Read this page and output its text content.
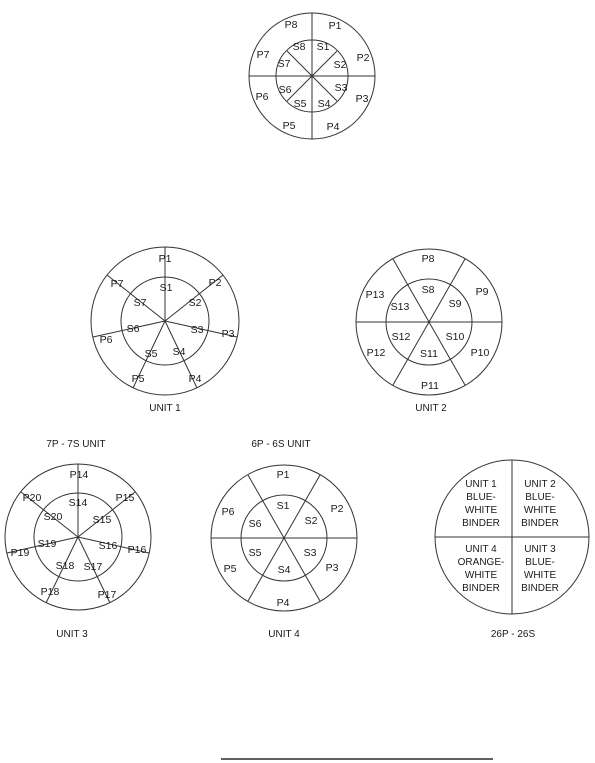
P1
P2
P3
P4
P5
P6
P7
P8
S1
S2
S3
S4
S5
S6
S7
S8
P1
P2
P3
P4
P5
P6
P7	S1
S2
S3
S4
S5
S6
S7
UNIT 1
P8
P9
P10
P11
P12
P13	S8
S9
S10
S11
S12
S13
UNIT 2
7P - 7S UNIT	6P - 6S UNIT
P14
P15
P16
P17
P18
P19
P20	S14
S15
S16
S17
S18
S19
S20
UNIT 3
P1
P2
P3
P4
P5
P6	S1
S2
S3
S4
S5
S6
UNIT 4
UNIT 1
BLUE-
WHITE
BINDER
UNIT 2
BLUE-
WHITE
BINDER
UNIT 4
ORANGE-
WHITE
BINDER
UNIT 3
BLUE-
WHITE
BINDER
26P - 26S
